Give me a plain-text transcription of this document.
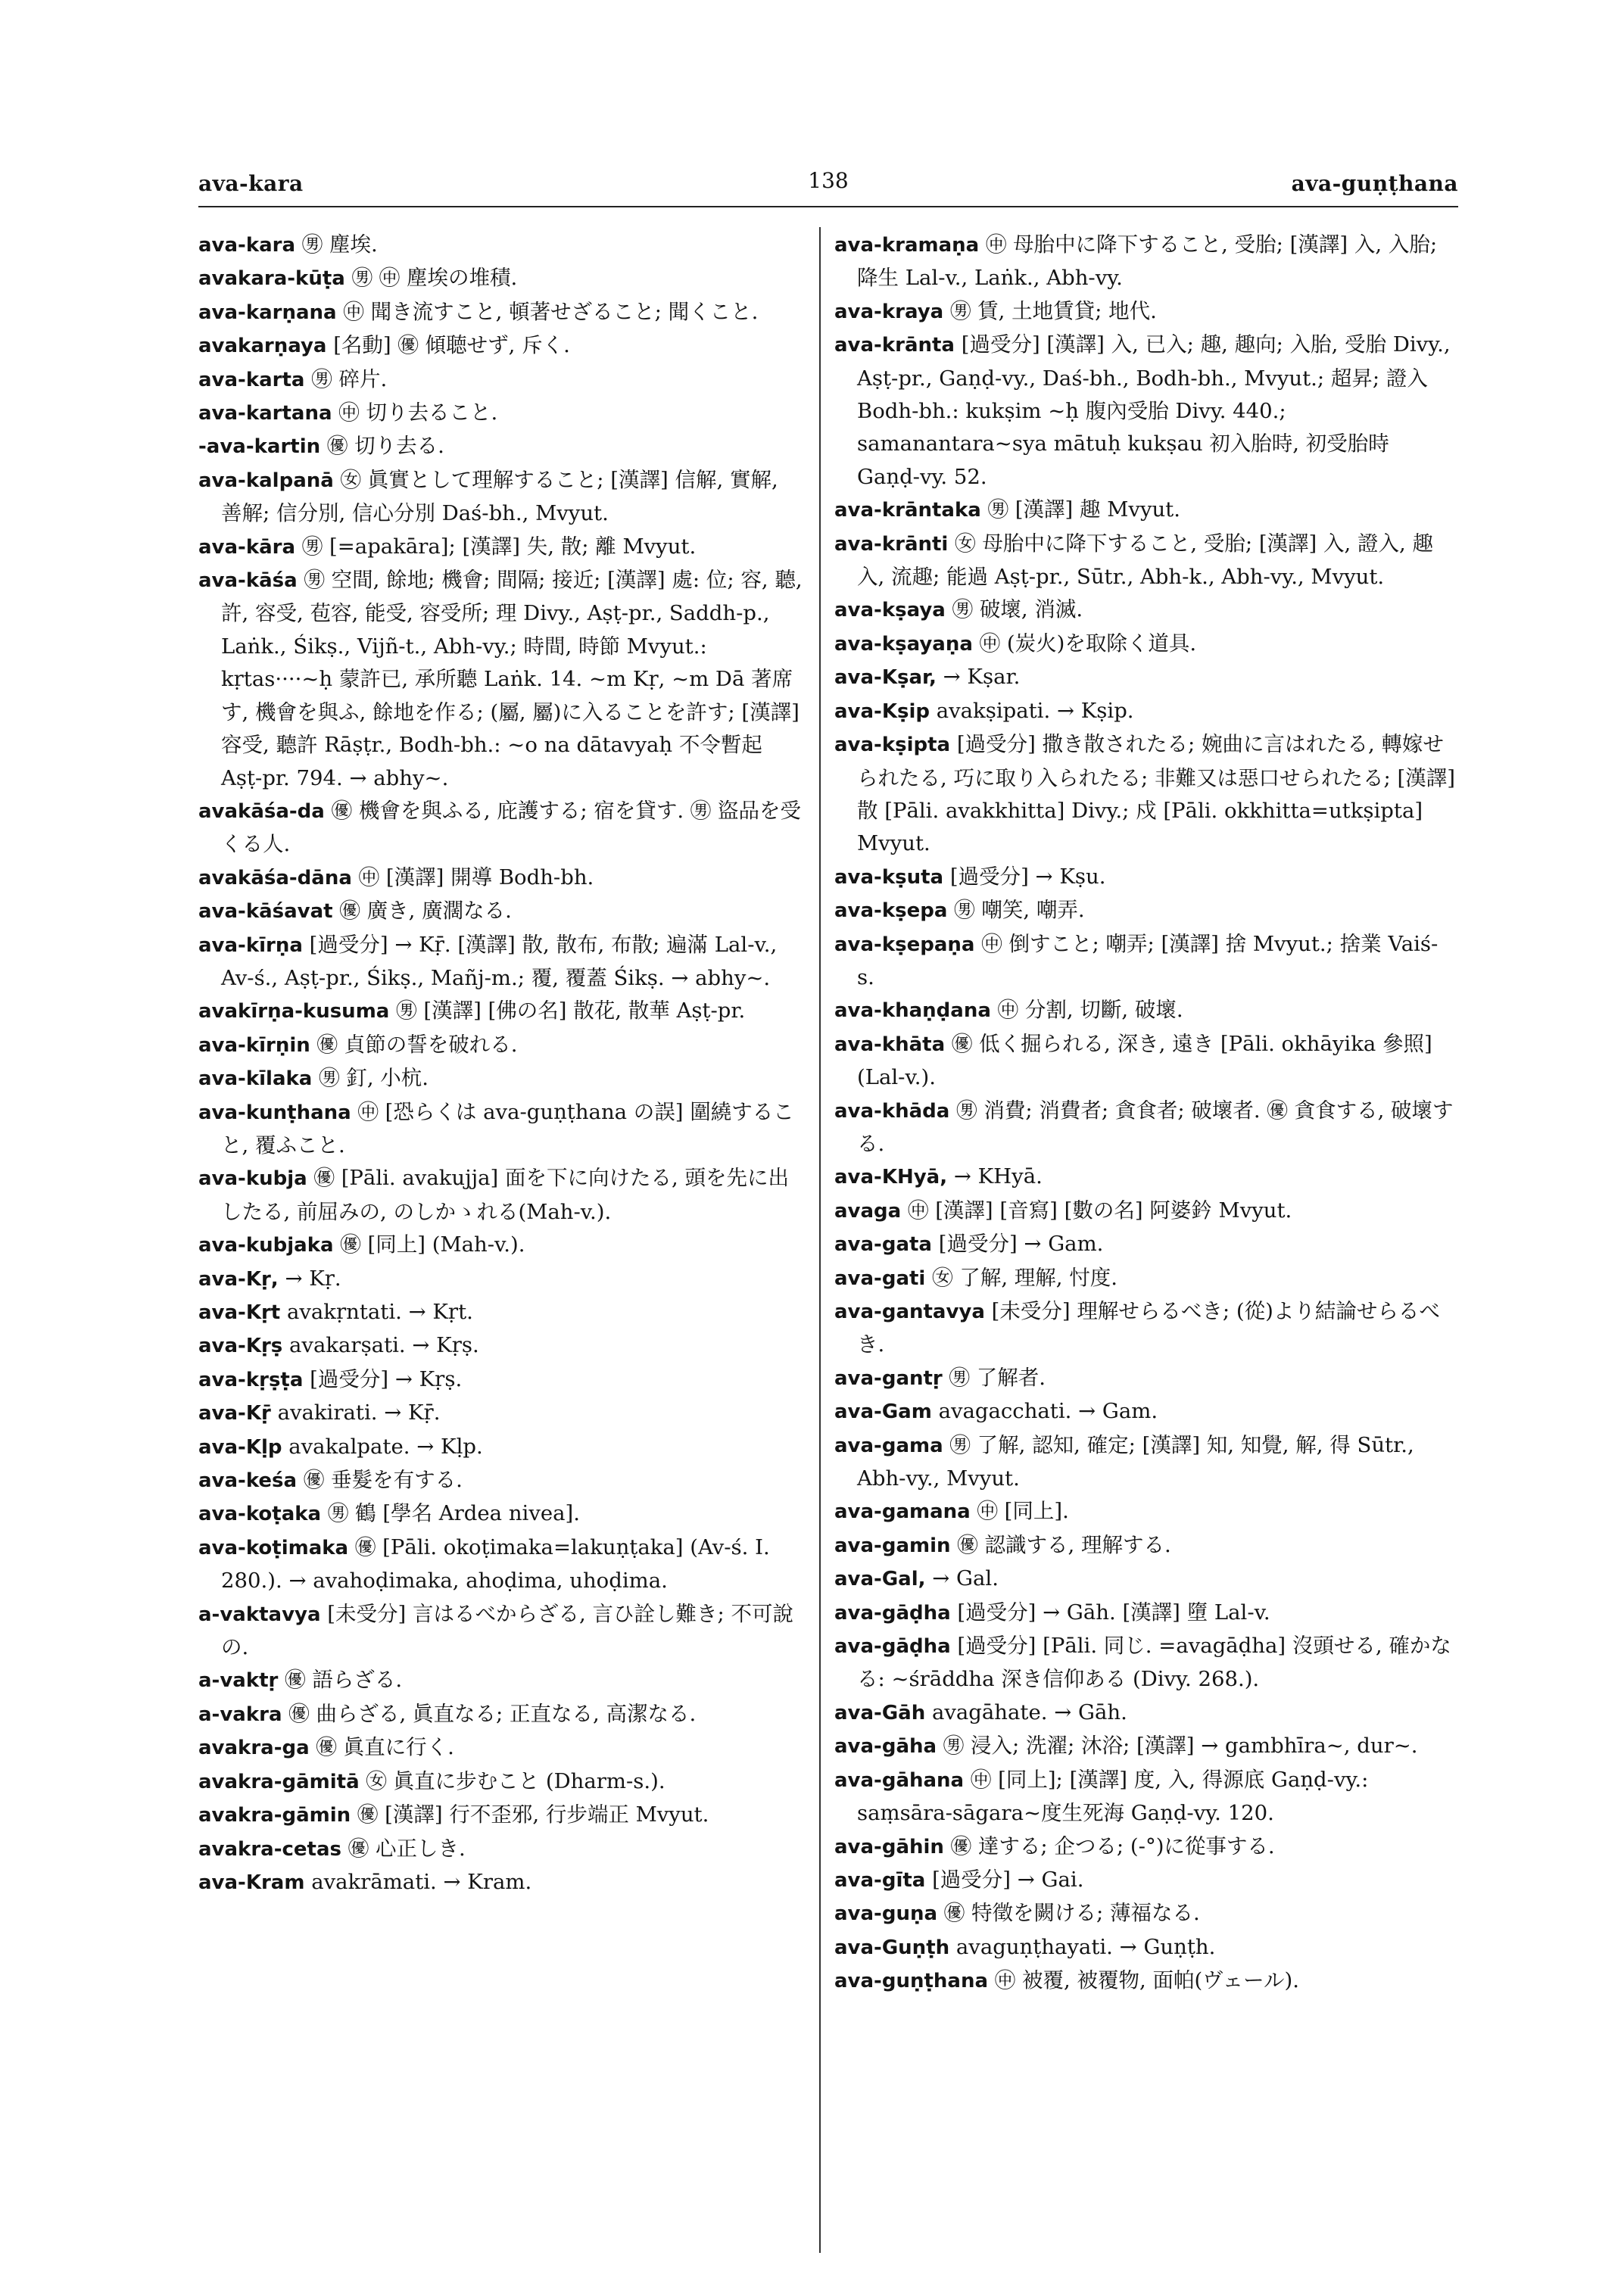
ava-kara	138	ava-guṇṭhana

ava-kara ㊚ 塵埃.

avakara-kūṭa ㊚ ㊥ 塵埃の堆積.

ava-karṇana ㊥ 聞き流すこと, 頓著せざること; 聞くこと.

avakarṇaya [名動] ㊝ 傾聴せず, 斥く.

ava-karta ㊚ 碎片.

ava-kartana ㊥ 切り去ること.

-ava-kartin ㊝ 切り去る.

ava-kalpanā ㊛ 眞實として理解すること; [漢譯] 信解, 實解, 善解; 信分別, 信心分別 Daś-bh., Mvyut.

ava-kāra ㊚ [=apakāra]; [漢譯] 失, 散; 離 Mvyut.

ava-kāśa ㊚ 空間, 餘地; 機會; 間隔; 接近; [漢譯] 處: 位; 容, 聽, 許, 容受, 苞容, 能受, 容受所; 理 Divy., Aṣṭ-pr., Saddh-p., Laṅk., Śikṣ., Vijñ-t., Abh-vy.; 時間, 時節 Mvyut.: kṛtas····~ḥ 蒙許已, 承所聽 Laṅk. 14. ~m Kṛ, ~m Dā 著席す, 機會を與ふ, 餘地を作る; (屬, 屬)に入ることを許す; [漢譯] 容受, 聽許 Rāṣṭr., Bodh-bh.: ~o na dātavyaḥ 不令暫起 Aṣṭ-pr. 794. → abhy~.

avakāśa-da ㊝ 機會を與ふる, 庇護する; 宿を貸す. ㊚ 盜品を受くる人.

avakāśa-dāna ㊥ [漢譯] 開導 Bodh-bh.

ava-kāśavat ㊝ 廣き, 廣濶なる.

ava-kīrṇa [過受分] → Kṝ. [漢譯] 散, 散布, 布散; 遍滿 Lal-v., Av-ś., Aṣṭ-pr., Śikṣ., Mañj-m.; 覆, 覆蓋 Śikṣ. → abhy~.

avakīrṇa-kusuma ㊚ [漢譯] [佛の名] 散花, 散華 Aṣṭ-pr.

ava-kīrṇin ㊝ 貞節の誓を破れる.

ava-kīlaka ㊚ 釘, 小杭.

ava-kunṭhana ㊥ [恐らくは ava-guṇṭhana の誤] 圍繞すること, 覆ふこと.

ava-kubja ㊝ [Pāli. avakujja] 面を下に向けたる, 頭を先に出したる, 前屈みの, のしかゝれる(Mah-v.).

ava-kubjaka ㊝ [同上] (Mah-v.).

ava-Kṛ, → Kṛ.

ava-Kṛt avakṛntati. → Kṛt.

ava-Kṛṣ avakarṣati. → Kṛṣ.

ava-kṛṣṭa [過受分] → Kṛṣ.

ava-Kṝ avakirati. → Kṝ.

ava-Kḷp avakalpate. → Kḷp.

ava-keśa ㊝ 垂髮を有する.

ava-koṭaka ㊚ 鶴 [學名 Ardea nivea].

ava-koṭimaka ㊝ [Pāli. okoṭimaka=lakuṇṭaka] (Av-ś. I. 280.). → avahoḍimaka, ahoḍima, uhoḍima.

a-vaktavya [未受分] 言はるべからざる, 言ひ詮し難き; 不可說の.

a-vaktṛ ㊝ 語らざる.

a-vakra ㊝ 曲らざる, 眞直なる; 正直なる, 高潔なる.

avakra-ga ㊝ 眞直に行く.

avakra-gāmitā ㊛ 眞直に步むこと (Dharm-s.).

avakra-gāmin ㊝ [漢譯] 行不歪邪, 行步端正 Mvyut.

avakra-cetas ㊝ 心正しき.

ava-Kram avakrāmati. → Kram.

ava-kramaṇa ㊥ 母胎中に降下すること, 受胎; [漢譯] 入, 入胎; 降生 Lal-v., Laṅk., Abh-vy.

ava-kraya ㊚ 賃, 土地賃貸; 地代.

ava-krānta [過受分] [漢譯] 入, 已入; 趣, 趣向; 入胎, 受胎 Divy., Aṣṭ-pr., Gaṇḍ-vy., Daś-bh., Bodh-bh., Mvyut.; 超昇; 證入 Bodh-bh.: kukṣim ~ḥ 腹內受胎 Divy. 440.; samanantara~sya mātuḥ kukṣau 初入胎時, 初受胎時 Gaṇḍ-vy. 52.

ava-krāntaka ㊚ [漢譯] 趣 Mvyut.

ava-krānti ㊛ 母胎中に降下すること, 受胎; [漢譯] 入, 證入, 趣入, 流趣; 能過 Aṣṭ-pr., Sūtr., Abh-k., Abh-vy., Mvyut.

ava-kṣaya ㊚ 破壞, 消滅.

ava-kṣayaṇa ㊥ (炭火)を取除く道具.

ava-Kṣar, → Kṣar.

ava-Kṣip avakṣipati. → Kṣip.

ava-kṣipta [過受分] 撒き散されたる; 婉曲に言はれたる, 轉嫁せられたる, 巧に取り入られたる; 非難又は惡口せられたる; [漢譯] 散 [Pāli. avakkhitta] Divy.; 戍 [Pāli. okkhitta=utkṣipta] Mvyut.

ava-kṣuta [過受分] → Kṣu.

ava-kṣepa ㊚ 嘲笑, 嘲弄.

ava-kṣepaṇa ㊥ 倒すこと; 嘲弄; [漢譯] 捨 Mvyut.; 捨業 Vaiś-s.

ava-khaṇḍana ㊥ 分割, 切斷, 破壞.

ava-khāta ㊝ 低く掘られる, 深き, 遠き [Pāli. okhāyika 參照] (Lal-v.).

ava-khāda ㊚ 消費; 消費者; 貪食者; 破壞者. ㊝ 貪食する, 破壞する.

ava-KHyā, → KHyā.

avaga ㊥ [漢譯] [音寫] [數の名] 阿婆鈐 Mvyut.

ava-gata [過受分] → Gam.

ava-gati ㊛ 了解, 理解, 忖度.

ava-gantavya [未受分] 理解せらるべき; (從)より結論せらるべき.

ava-gantṛ ㊚ 了解者.

ava-Gam avagacchati. → Gam.

ava-gama ㊚ 了解, 認知, 確定; [漢譯] 知, 知覺, 解, 得 Sūtr., Abh-vy., Mvyut.

ava-gamana ㊥ [同上].

ava-gamin ㊝ 認識する, 理解する.

ava-Gal, → Gal.

ava-gāḍha [過受分] → Gāh. [漢譯] 墮 Lal-v.

ava-gāḍha [過受分] [Pāli. 同じ. =avagāḍha] 沒頭せる, 確かなる: ~śrāddha 深き信仰ある (Divy. 268.).

ava-Gāh avagāhate. → Gāh.

ava-gāha ㊚ 浸入; 洗濯; 沐浴; [漢譯] → gambhīra~, dur~.

ava-gāhana ㊥ [同上]; [漢譯] 度, 入, 得源底 Gaṇḍ-vy.: saṃsāra-sāgara~度生死海 Gaṇḍ-vy. 120.

ava-gāhin ㊝ 達する; 企つる; (-°)に從事する.

ava-gīta [過受分] → Gai.

ava-guṇa ㊝ 特徵を闕ける; 薄福なる.

ava-Guṇṭh avaguṇṭhayati. → Guṇṭh.

ava-guṇṭhana ㊥ 被覆, 被覆物, 面帕(ヴェール).
